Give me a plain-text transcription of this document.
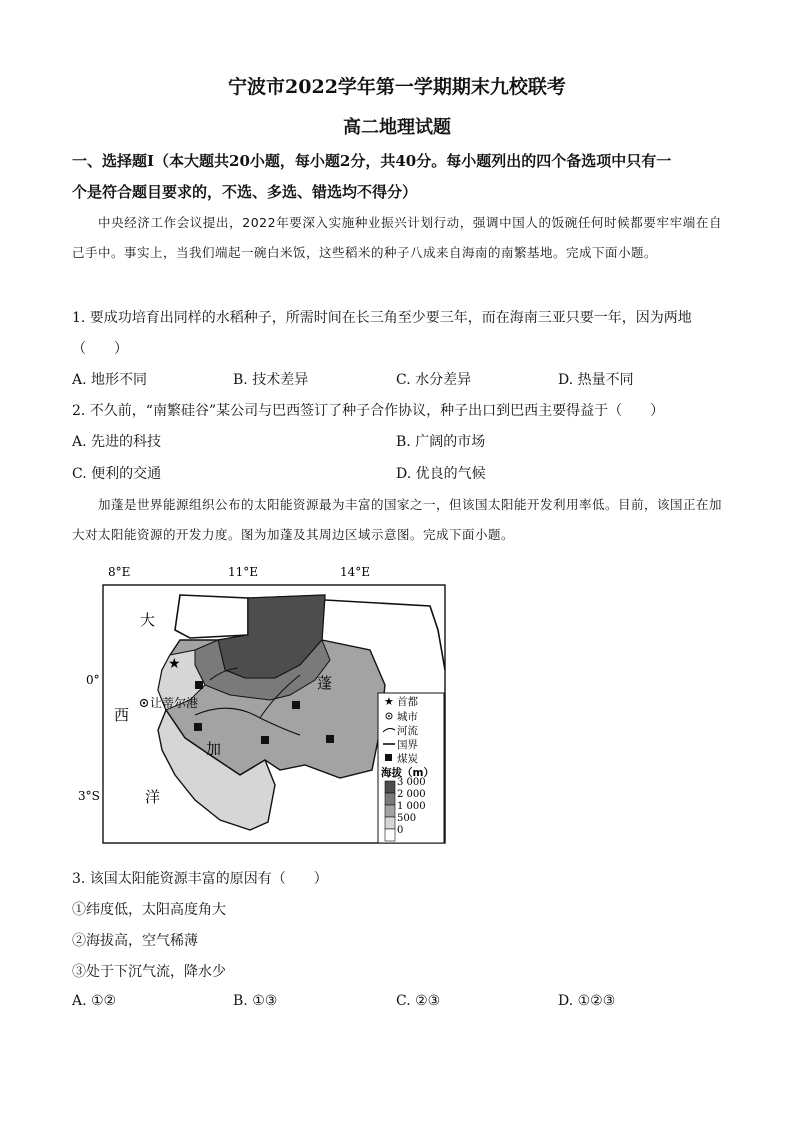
宁波市2022学年第一学期期末九校联考
高二地理试题
一、选择题Ⅰ（本大题共20小题，每小题2分，共40分。每小题列出的四个备选项中只有一
个是符合题目要求的，不选、多选、错选均不得分）

中央经济工作会议提出，2022年要深入实施种业振兴计划行动，强调中国人的饭碗任何时候都要牢牢端在自己手中。事实上，当我们端起一碗白米饭，这些稻米的种子八成来自海南的南繁基地。完成下面小题。

1. 要成功培育出同样的水稻种子，所需时间在长三角至少要三年，而在海南三亚只要一年，因为两地
（　　）
A. 地形不同	B. 技术差异	C. 水分差异	D. 热量不同
2. 不久前，“南繁硅谷”某公司与巴西签订了种子合作协议，种子出口到巴西主要得益于（　　）
A. 先进的科技	B. 广阔的市场
C. 便利的交通	D. 优良的气候

加蓬是世界能源组织公布的太阳能资源最为丰富的国家之一，但该国太阳能开发利用率低。目前，该国正在加大对太阳能资源的开发力度。图为加蓬及其周边区域示意图。完成下面小题。

8°E	11°E	14°E
0°
3°S
★
让蒂尔港
大
西
洋
蓬
加
★ 首都
城市
河流
国界
煤炭
海拔（m）
3 000
2 000
1 000
500
0
3. 该国太阳能资源丰富的原因有（　　）
①纬度低，太阳高度角大
②海拔高，空气稀薄
③处于下沉气流，降水少
A. ①②	B. ①③	C. ②③	D. ①②③
